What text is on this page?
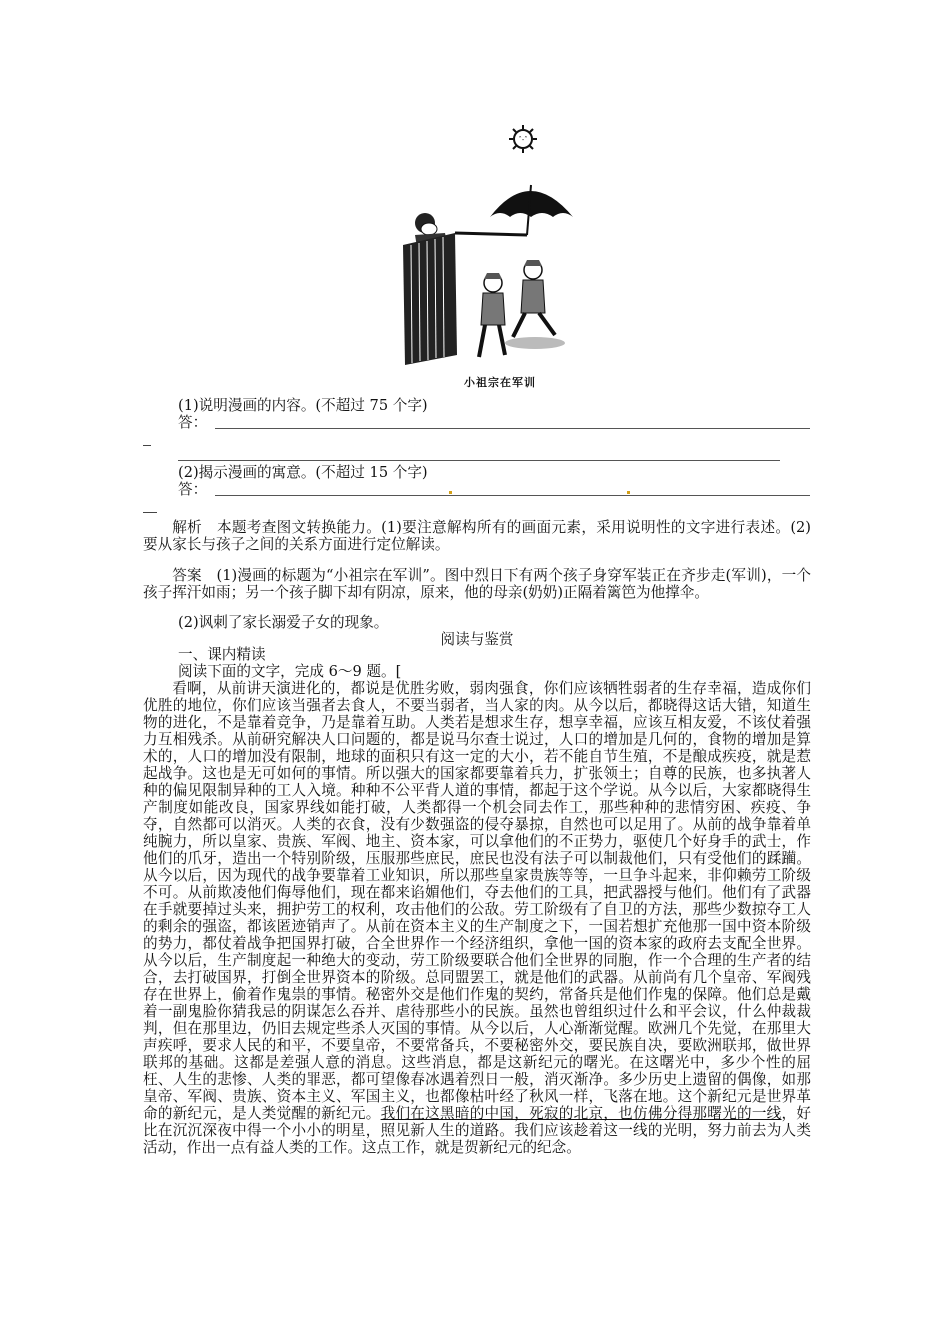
ˆ-ˆ
小祖宗在军训
(1)说明漫画的内容。(不超过 75 个字)
答：
(2)揭示漫画的寓意。(不超过 15 个字)
答：

解析　本题考查图文转换能力。(1)要注意解构所有的画面元素，采用说明性的文字进行表述。(2)要从家长与孩子之间的关系方面进行定位解读。

答案　(1)漫画的标题为“小祖宗在军训”。图中烈日下有两个孩子身穿军装正在齐步走(军训)，一个孩子挥汗如雨；另一个孩子脚下却有阴凉，原来，他的母亲(奶奶)正隔着篱笆为他撑伞。

(2)讽刺了家长溺爱子女的现象。
阅读与鉴赏
一、课内精读
阅读下面的文字，完成 6～9 题。[

看啊，从前讲天演进化的，都说是优胜劣败，弱肉强食，你们应该牺牲弱者的生存幸福，造成你们优胜的地位，你们应该当强者去食人，不要当弱者，当人家的肉。从今以后，都晓得这话大错，知道生物的进化，不是靠着竞争，乃是靠着互助。人类若是想求生存，想享幸福，应该互相友爱，不该仗着强力互相残杀。从前研究解决人口问题的，都是说马尔查士说过，人口的增加是几何的，食物的增加是算术的，人口的增加没有限制，地球的面积只有这一定的大小，若不能自节生殖，不是酿成疾疫，就是惹起战争。这也是无可如何的事情。所以强大的国家都要靠着兵力，扩张领土；自尊的民族，也多执著人种的偏见限制异种的工人入境。种种不公平背人道的事情，都起于这个学说。从今以后，大家都晓得生产制度如能改良，国家界线如能打破，人类都得一个机会同去作工，那些种种的悲情穷困、疾疫、争夺，自然都可以消灭。人类的衣食，没有少数强盗的侵夺暴掠，自然也可以足用了。从前的战争靠着单纯腕力，所以皇家、贵族、军阀、地主、资本家，可以拿他们的不正势力，驱使几个好身手的武士，作他们的爪牙，造出一个特别阶级，压服那些庶民，庶民也没有法子可以制裁他们，只有受他们的蹂躏。从今以后，因为现代的战争要靠着工业知识，所以那些皇家贵族等等，一旦争斗起来，非仰赖劳工阶级不可。从前欺凌他们侮辱他们，现在都来谄媚他们，夺去他们的工具，把武器授与他们。他们有了武器在手就要掉过头来，拥护劳工的权利，攻击他们的公敌。劳工阶级有了自卫的方法，那些少数掠夺工人的剩余的强盗，都该匿迹销声了。从前在资本主义的生产制度之下，一国若想扩充他那一国中资本阶级的势力，都仗着战争把国界打破，合全世界作一个经济组织，拿他一国的资本家的政府去支配全世界。从今以后，生产制度起一种绝大的变动，劳工阶级要联合他们全世界的同胞，作一个合理的生产者的结合，去打破国界，打倒全世界资本的阶级。总同盟罢工，就是他们的武器。从前尚有几个皇帝、军阀残存在世界上，偷着作鬼祟的事情。秘密外交是他们作鬼的契约，常备兵是他们作鬼的保障。他们总是戴着一副鬼脸你猜我忌的阴谋怎么吞并、虐待那些小的民族。虽然也曾组织过什么和平会议，什么仲裁裁判，但在那里边，仍旧去规定些杀人灭国的事情。从今以后，人心渐渐觉醒。欧洲几个先觉，在那里大声疾呼，要求人民的和平，不要皇帝，不要常备兵，不要秘密外交，要民族自决，要欧洲联邦，做世界联邦的基础。这都是差强人意的消息。这些消息，都是这新纪元的曙光。在这曙光中，多少个性的屈枉、人生的悲惨、人类的罪恶，都可望像春冰遇着烈日一般，消灭渐净。多少历史上遗留的偶像，如那皇帝、军阀、贵族、资本主义、军国主义，也都像枯叶经了秋风一样，飞落在地。这个新纪元是世界革命的新纪元，是人类觉醒的新纪元。我们在这黑暗的中国，死寂的北京，也仿佛分得那曙光的一线，好比在沉沉深夜中得一个小小的明星，照见新人生的道路。我们应该趁着这一线的光明，努力前去为人类活动，作出一点有益人类的工作。这点工作，就是贺新纪元的纪念。
